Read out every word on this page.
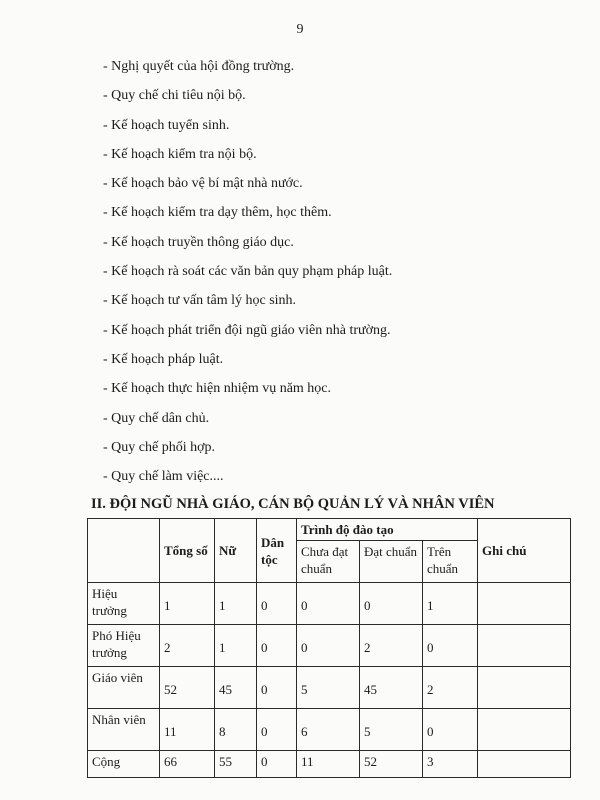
9
- Nghị quyết của hội đồng trường.
- Quy chế chi tiêu nội bộ.
- Kế hoạch tuyển sinh.
- Kế hoạch kiểm tra nội bộ.
- Kế hoạch bảo vệ bí mật nhà nước.
- Kế hoạch kiểm tra dạy thêm, học thêm.
- Kế hoạch truyền thông giáo dục.
- Kế hoạch rà soát các văn bản quy phạm pháp luật.
- Kế hoạch tư vấn tâm lý học sinh.
- Kế hoạch phát triển đội ngũ giáo viên nhà trường.
- Kế hoạch pháp luật.
- Kế hoạch thực hiện nhiệm vụ năm học.
- Quy chế dân chủ.
- Quy chế phối hợp.
- Quy chế làm việc....
II. ĐỘI NGŨ NHÀ GIÁO, CÁN BỘ QUẢN LÝ VÀ NHÂN VIÊN
	Tổng số	Nữ	Dân tộc	Trình độ đào tạo			Ghi chú
				Chưa đạt chuẩn	Đạt chuẩn	Trên chuẩn	
Hiệu trưởng	1	1	0	0	0	1	
Phó Hiệu trưởng	2	1	0	0	2	0	
Giáo viên	52	45	0	5	45	2	
Nhân viên	11	8	0	6	5	0	
Cộng	66	55	0	11	52	3	
